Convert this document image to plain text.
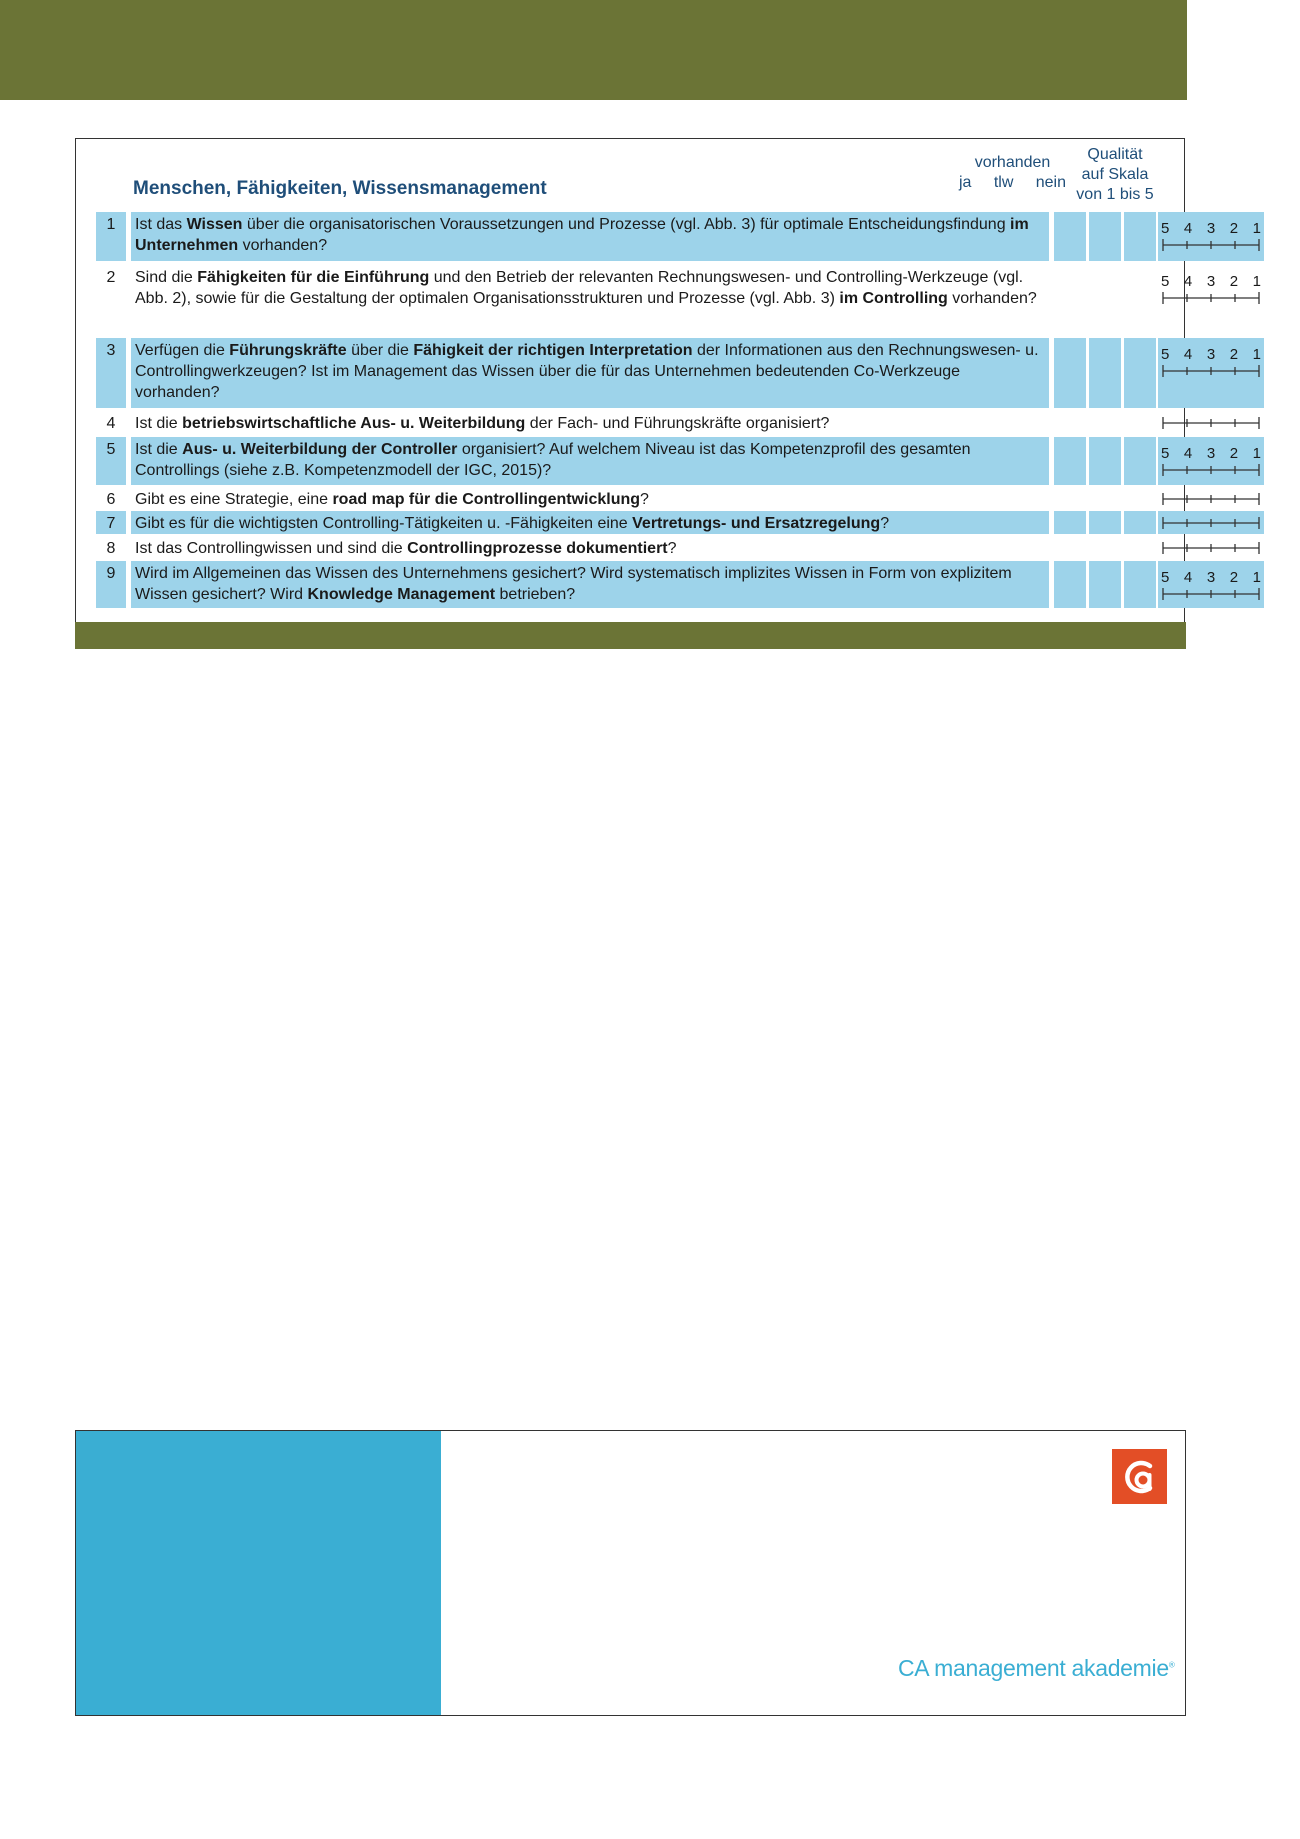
Menschen, Fähigkeiten, Wissensmanagement
vorhanden
ja tlw nein
Qualität
auf Skala
von 1 bis 5
1	Ist das Wissen über die organisatorischen Voraussetzungen und Prozesse (vgl. Abb. 3) für optimale Entscheidungsfindung im Unternehmen vorhanden?
5 4 3 2 1
2	Sind die Fähigkeiten für die Einführung und den Betrieb der relevanten Rechnungswesen- und Controlling-Werkzeuge (vgl. Abb. 2), sowie für die Gestaltung der optimalen Organisationsstrukturen und Prozesse (vgl. Abb. 3) im Controlling vorhanden?
5 4 3 2 1
3	Verfügen die Führungskräfte über die Fähigkeit der richtigen Interpretation der Informationen aus den Rechnungswesen- u. Controllingwerkzeugen? Ist im Management das Wissen über die für das Unternehmen bedeutenden Co-Werkzeuge vorhanden?
5 4 3 2 1
4	Ist die betriebswirtschaftliche Aus- u. Weiterbildung der Fach- und Führungskräfte organisiert?
5	Ist die Aus- u. Weiterbildung der Controller organisiert? Auf welchem Niveau ist das Kompetenzprofil des gesamten Controllings (siehe z.B. Kompetenzmodell der IGC, 2015)?
5 4 3 2 1
6	Gibt es eine Strategie, eine road map für die Controllingentwicklung?
7	Gibt es für die wichtigsten Controlling-Tätigkeiten u. -Fähigkeiten eine Vertretungs- und Ersatzregelung?
8	Ist das Controllingwissen und sind die Controllingprozesse dokumentiert?
9	Wird im Allgemeinen das Wissen des Unternehmens gesichert? Wird systematisch implizites Wissen in Form von explizitem Wissen gesichert? Wird Knowledge Management betrieben?
5 4 3 2 1
CA management akademie®
